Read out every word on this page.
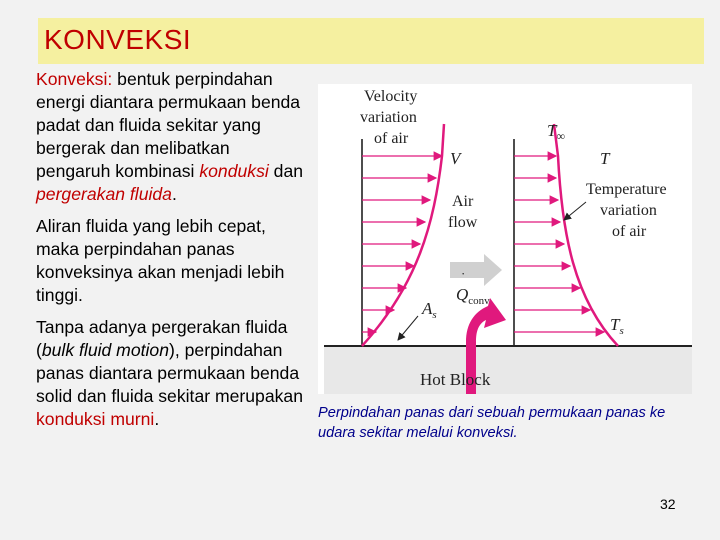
KONVEKSI

Konveksi: bentuk perpindahan energi diantara permukaan benda padat dan fluida sekitar yang bergerak dan melibatkan pengaruh kombinasi konduksi dan pergerakan fluida.

Aliran fluida yang lebih cepat, maka perpindahan panas konveksinya akan menjadi lebih tinggi.

Tanpa adanya pergerakan fluida (bulk fluid motion), perpindahan panas diantara permukaan benda solid dan fluida sekitar merupakan konduksi murni.

Velocity
variation
of air
V
$T_\infty$
T
Temperature
variation
of air
Air
flow
$Q_{conv}$
·
$A_s$	$T_s$
Hot Block
Perpindahan panas dari sebuah permukaan panas ke udara sekitar melalui konveksi.
32
